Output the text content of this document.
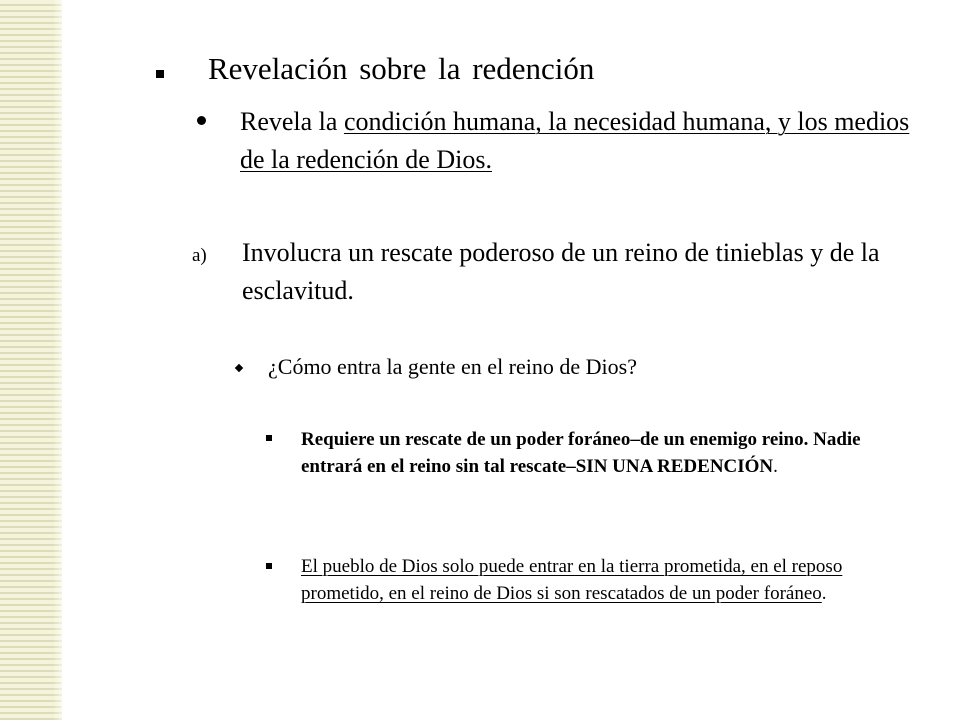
Revelación sobre la redención

Revela la condición humana, la necesidad humana, y los medios de la redención de Dios.

a) Involucra un rescate poderoso de un reino de tinieblas y de la esclavitud.

¿Cómo entra la gente en el reino de Dios?

Requiere un rescate de un poder foráneo–de un enemigo reino. Nadie entrará en el reino sin tal rescate–SIN UNA REDENCIÓN.

El pueblo de Dios solo puede entrar en la tierra prometida, en el reposo prometido, en el reino de Dios si son rescatados de un poder foráneo.
